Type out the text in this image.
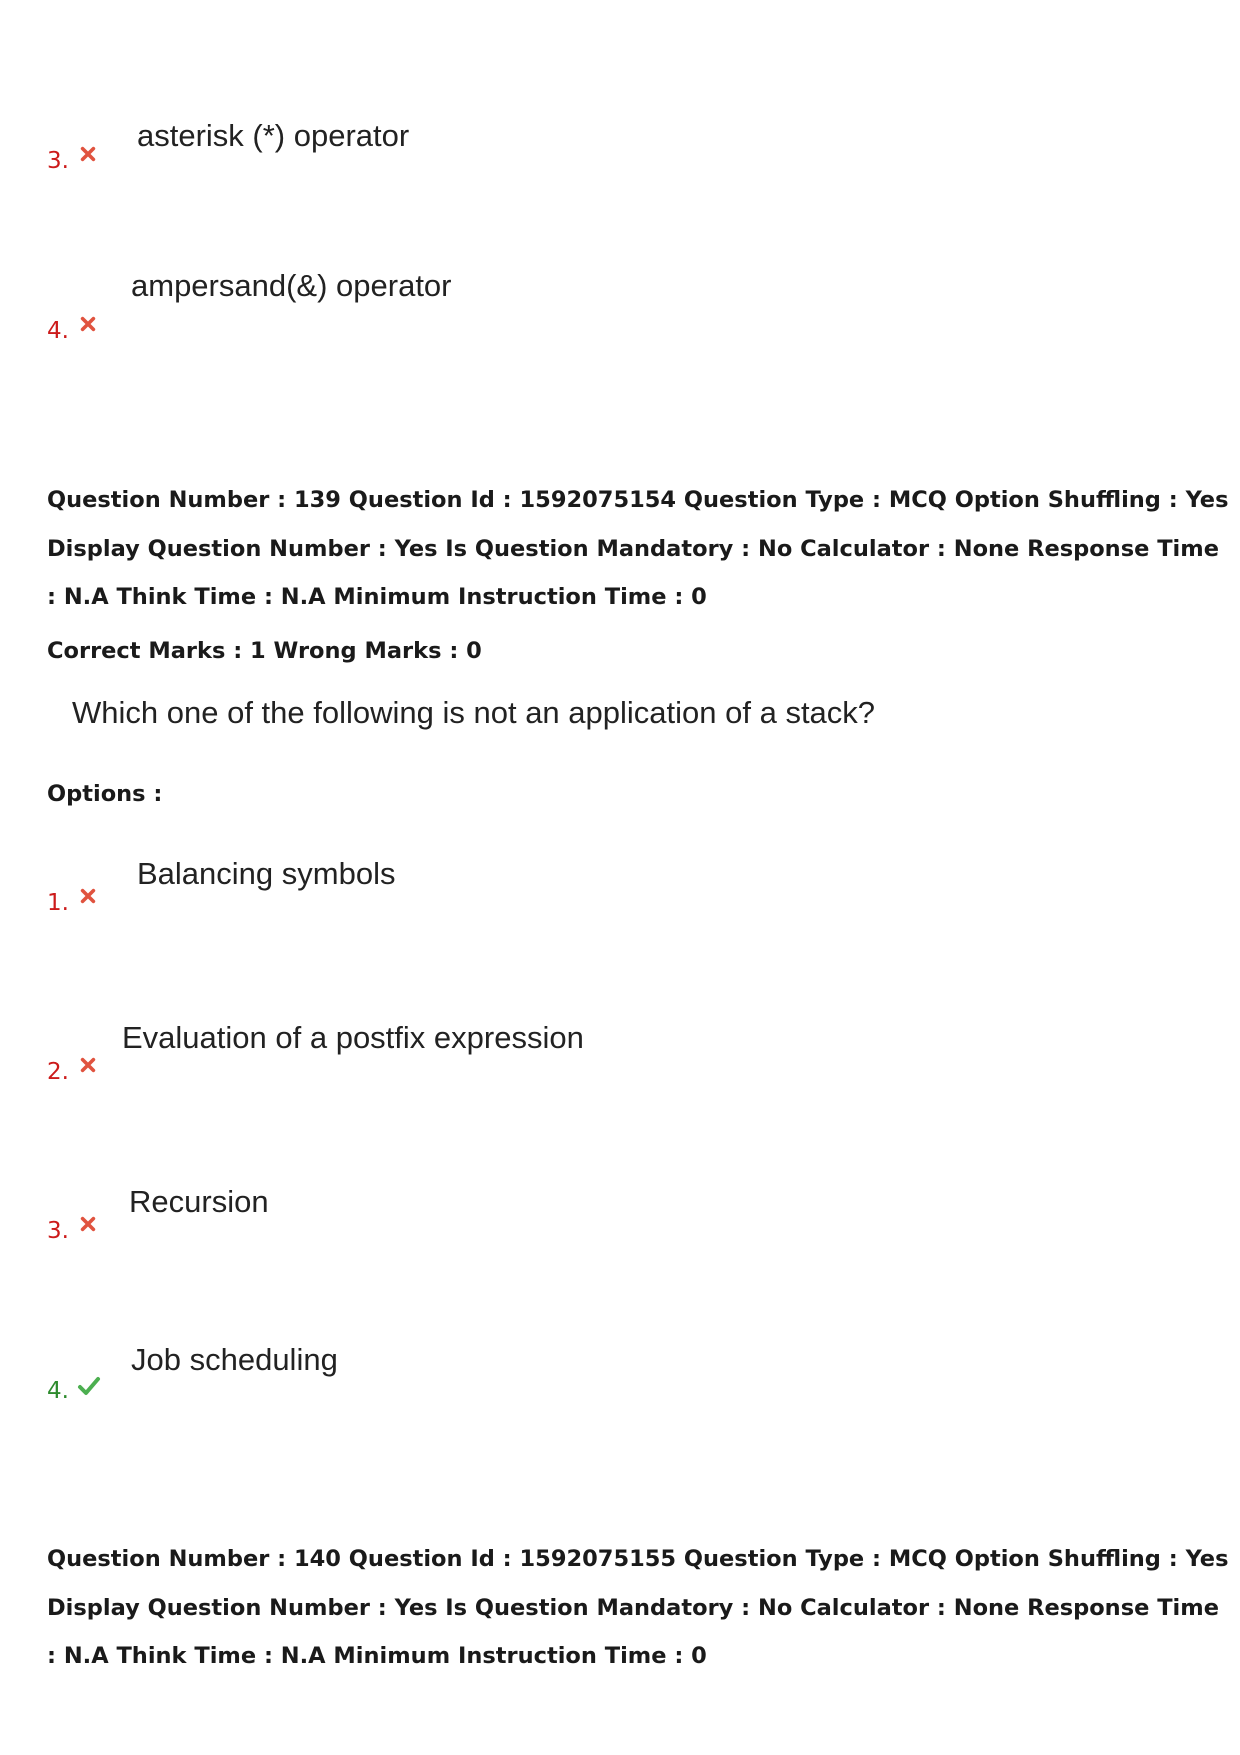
asterisk (*) operator
3.
ampersand(&) operator
4.
Question Number : 139 Question Id : 1592075154 Question Type : MCQ Option Shuffling : Yes
Display Question Number : Yes Is Question Mandatory : No Calculator : None Response Time
: N.A Think Time : N.A Minimum Instruction Time : 0
Correct Marks : 1 Wrong Marks : 0
Which one of the following is not an application of a stack?
Options :
Balancing symbols
1.
Evaluation of a postfix expression
2.
Recursion
3.
Job scheduling
4.
Question Number : 140 Question Id : 1592075155 Question Type : MCQ Option Shuffling : Yes
Display Question Number : Yes Is Question Mandatory : No Calculator : None Response Time
: N.A Think Time : N.A Minimum Instruction Time : 0
